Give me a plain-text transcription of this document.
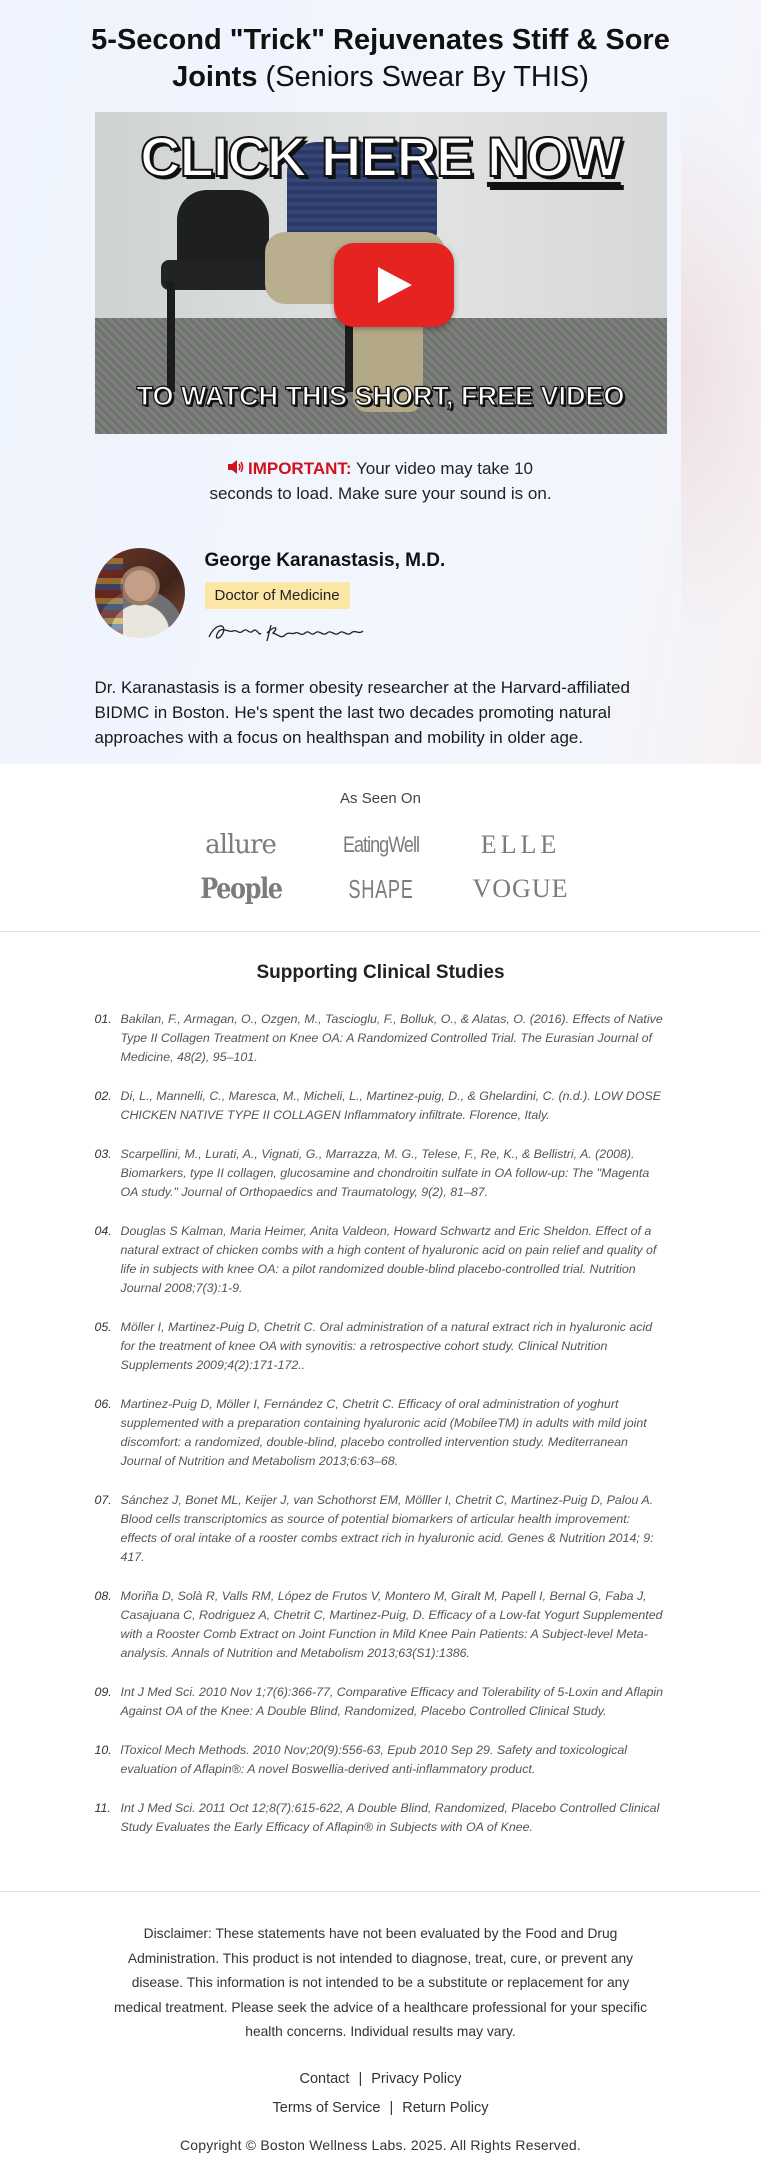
5-Second "Trick" Rejuvenates Stiff & Sore Joints (Seniors Swear By THIS)
CLICK HERE NOW
TO WATCH THIS SHORT, FREE VIDEO

IMPORTANT: Your video may take 10 seconds to load. Make sure your sound is on.

George Karanastasis, M.D.
Doctor of Medicine

Dr. Karanastasis is a former obesity researcher at the Harvard-affiliated BIDMC in Boston. He's spent the last two decades promoting natural approaches with a focus on healthspan and mobility in older age.

As Seen On
allure	EatingWell	ELLE
People	SHAPE	VOGUE
Supporting Clinical Studies
01. Bakilan, F., Armagan, O., Ozgen, M., Tascioglu, F., Bolluk, O., & Alatas, O. (2016). Effects of Native Type II Collagen Treatment on Knee OA: A Randomized Controlled Trial. The Eurasian Journal of Medicine, 48(2), 95–101.
02. Di, L., Mannelli, C., Maresca, M., Micheli, L., Martinez-puig, D., & Ghelardini, C. (n.d.). LOW DOSE CHICKEN NATIVE TYPE II COLLAGEN Inflammatory infiltrate. Florence, Italy.
03. Scarpellini, M., Lurati, A., Vignati, G., Marrazza, M. G., Telese, F., Re, K., & Bellistri, A. (2008). Biomarkers, type II collagen, glucosamine and chondroitin sulfate in OA follow-up: The "Magenta OA study." Journal of Orthopaedics and Traumatology, 9(2), 81–87.
04. Douglas S Kalman, Maria Heimer, Anita Valdeon, Howard Schwartz and Eric Sheldon. Effect of a natural extract of chicken combs with a high content of hyaluronic acid on pain relief and quality of life in subjects with knee OA: a pilot randomized double-blind placebo-controlled trial. Nutrition Journal 2008;7(3):1-9.
05. Möller I, Martinez-Puig D, Chetrit C. Oral administration of a natural extract rich in hyaluronic acid for the treatment of knee OA with synovitis: a retrospective cohort study. Clinical Nutrition Supplements 2009;4(2):171-172..
06. Martinez-Puig D, Möller I, Fernández C, Chetrit C. Efficacy of oral administration of yoghurt supplemented with a preparation containing hyaluronic acid (MobileeTM) in adults with mild joint discomfort: a randomized, double-blind, placebo controlled intervention study. Mediterranean Journal of Nutrition and Metabolism 2013;6:63–68.
07. Sánchez J, Bonet ML, Keijer J, van Schothorst EM, Mölller I, Chetrit C, Martinez-Puig D, Palou A. Blood cells transcriptomics as source of potential biomarkers of articular health improvement: effects of oral intake of a rooster combs extract rich in hyaluronic acid. Genes & Nutrition 2014; 9: 417.
08. Moriña D, Solà R, Valls RM, López de Frutos V, Montero M, Giralt M, Papell I, Bernal G, Faba J, Casajuana C, Rodriguez A, Chetrit C, Martinez-Puig, D. Efficacy of a Low-fat Yogurt Supplemented with a Rooster Comb Extract on Joint Function in Mild Knee Pain Patients: A Subject-level Meta-analysis. Annals of Nutrition and Metabolism 2013;63(S1):1386.
09. Int J Med Sci. 2010 Nov 1;7(6):366-77, Comparative Efficacy and Tolerability of 5-Loxin and Aflapin Against OA of the Knee: A Double Blind, Randomized, Placebo Controlled Clinical Study.
10. lToxicol Mech Methods. 2010 Nov;20(9):556-63, Epub 2010 Sep 29. Safety and toxicological evaluation of Aflapin®: A novel Boswellia-derived anti-inflammatory product.
11. Int J Med Sci. 2011 Oct 12;8(7):615-622, A Double Blind, Randomized, Placebo Controlled Clinical Study Evaluates the Early Efficacy of Aflapin® in Subjects with OA of Knee.

Disclaimer: These statements have not been evaluated by the Food and Drug Administration. This product is not intended to diagnose, treat, cure, or prevent any disease. This information is not intended to be a substitute or replacement for any medical treatment. Please seek the advice of a healthcare professional for your specific health concerns. Individual results may vary.

Contact | Privacy Policy
Terms of Service | Return Policy
Copyright © Boston Wellness Labs. 2025. All Rights Reserved.
